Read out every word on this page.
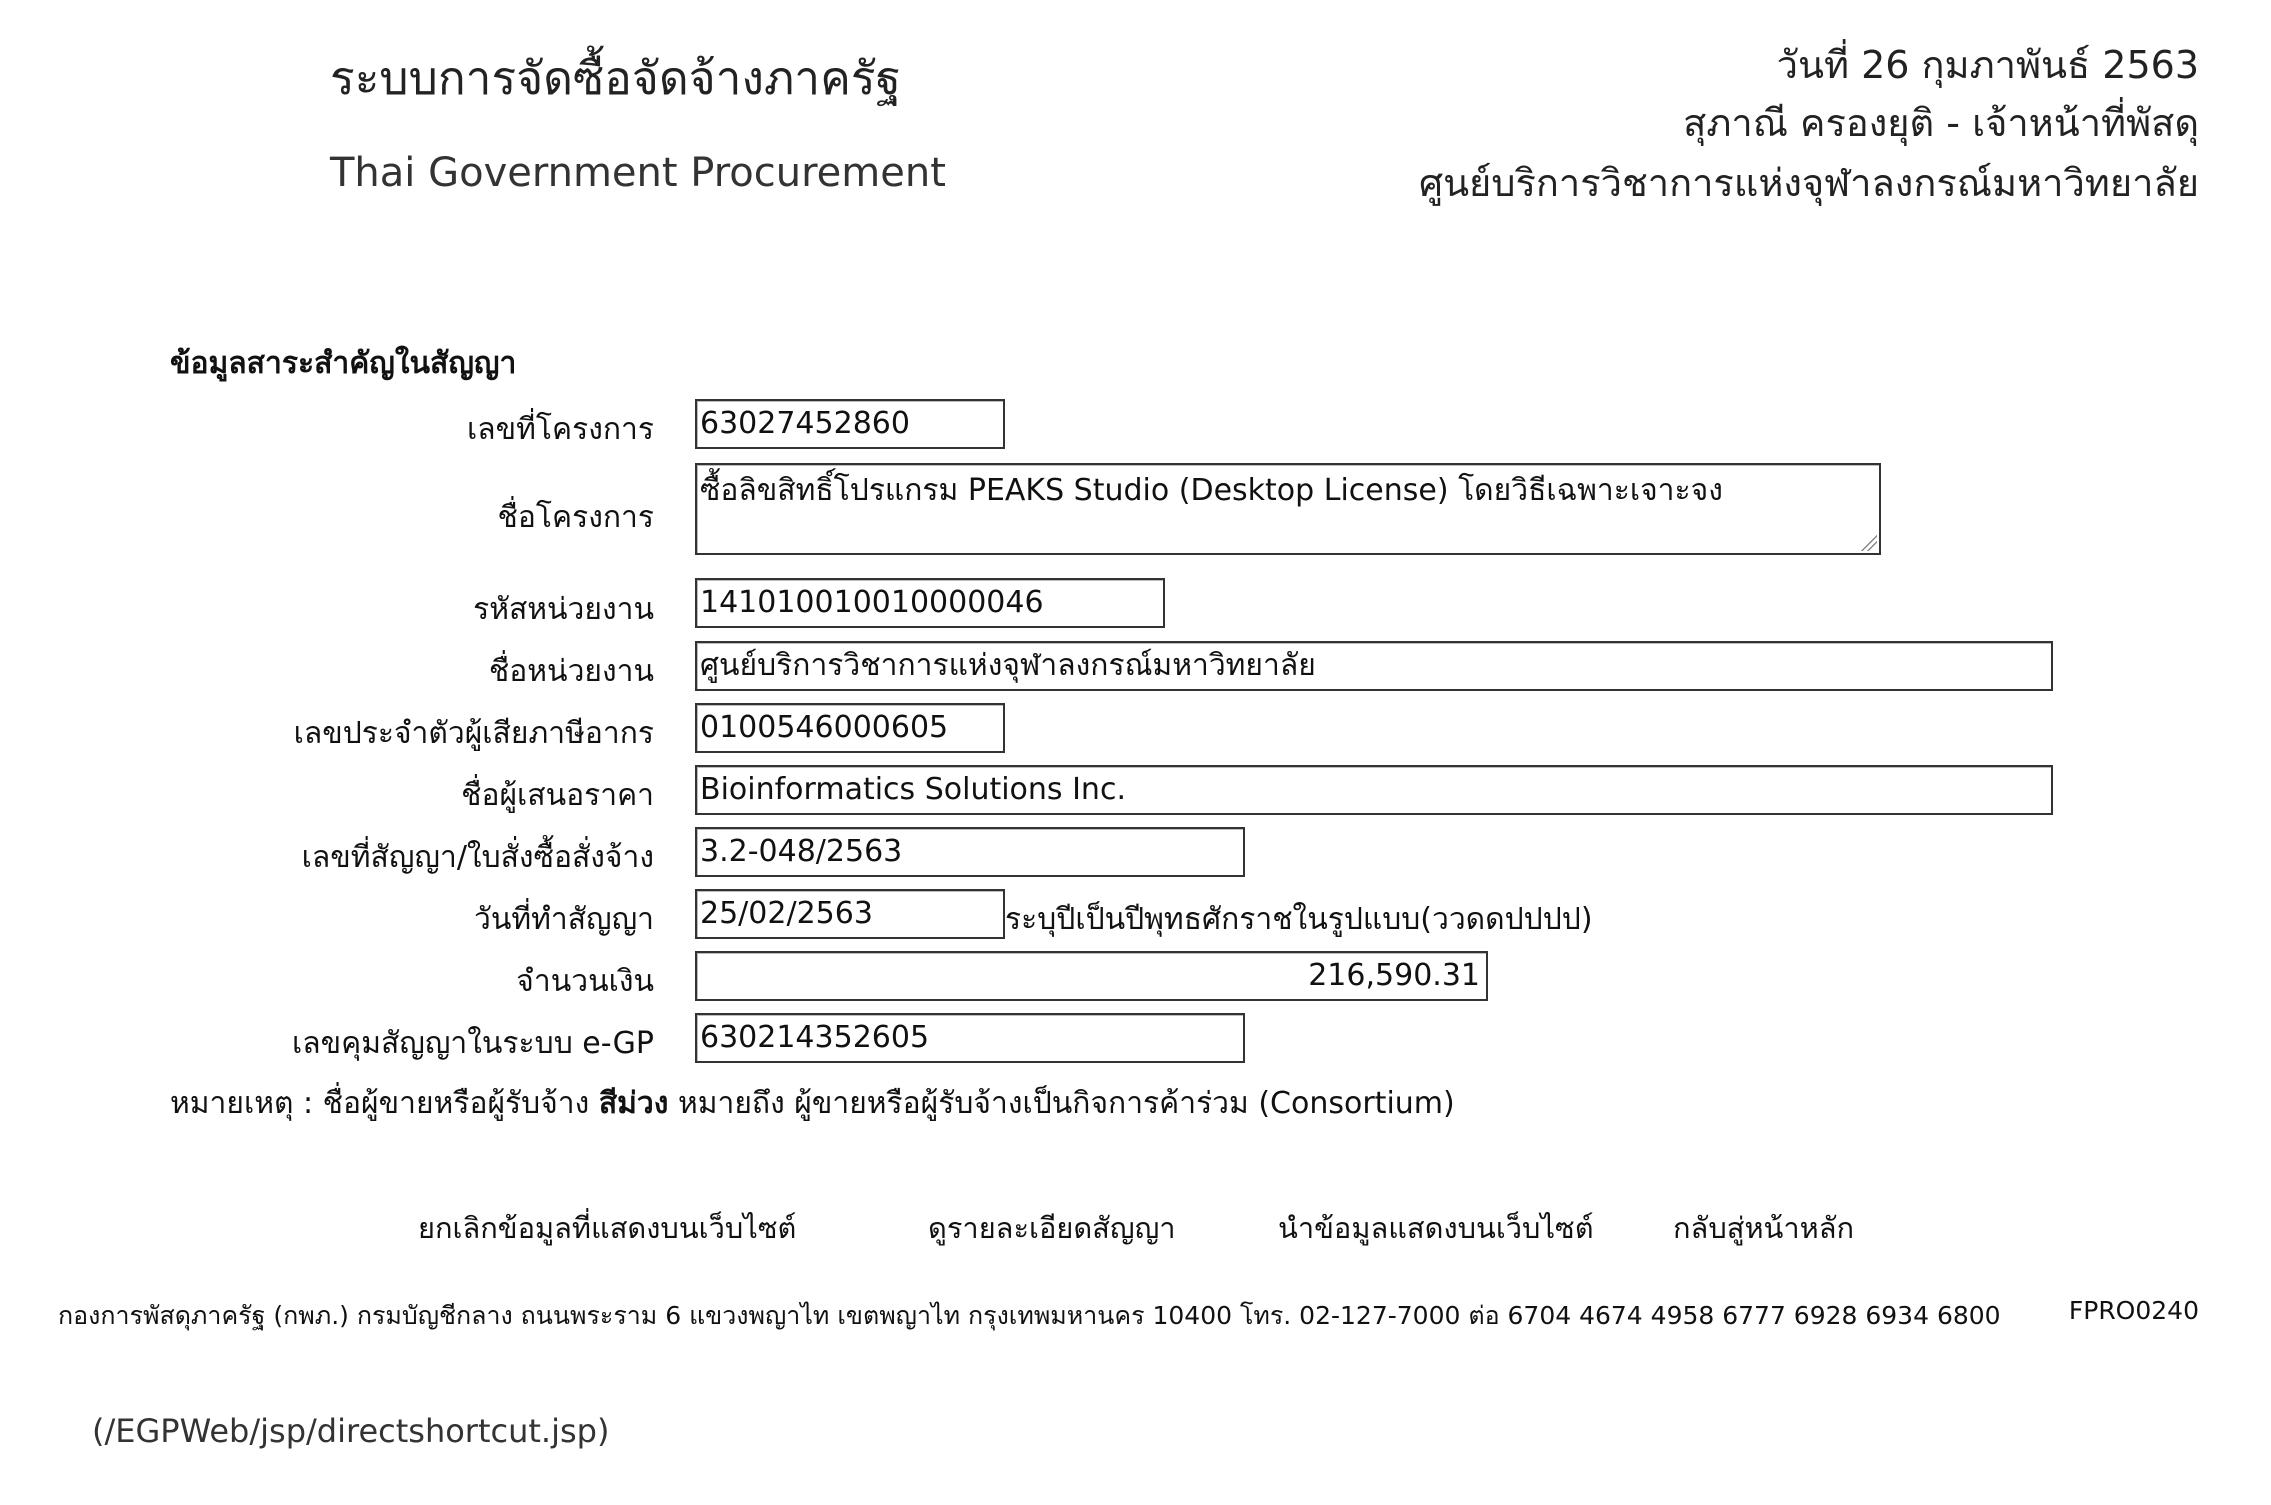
ระบบการจัดซื้อจัดจ้างภาครัฐ
Thai Government Procurement
วันที่ 26 กุมภาพันธ์ 2563
สุภาณี ครองยุติ - เจ้าหน้าที่พัสดุ
ศูนย์บริการวิชาการแห่งจุฬาลงกรณ์มหาวิทยาลัย
ข้อมูลสาระสำคัญในสัญญา
เลขที่โครงการ 63027452860
ชื่อโครงการ
ซื้อลิขสิทธิ์โปรแกรม PEAKS Studio (Desktop License) โดยวิธีเฉพาะเจาะจง
รหัสหน่วยงาน 141010010010000046
ชื่อหน่วยงาน ศูนย์บริการวิชาการแห่งจุฬาลงกรณ์มหาวิทยาลัย
เลขประจำตัวผู้เสียภาษีอากร 0100546000605
ชื่อผู้เสนอราคา Bioinformatics Solutions Inc.
เลขที่สัญญา/ใบสั่งซื้อสั่งจ้าง 3.2-048/2563
วันที่ทำสัญญา 25/02/2563	ระบุปีเป็นปีพุทธศักราชในรูปแบบ(ววดดปปปป)
จำนวนเงิน	216,590.31
เลขคุมสัญญาในระบบ e-GP 630214352605
หมายเหตุ : ชื่อผู้ขายหรือผู้รับจ้าง สีม่วง หมายถึง ผู้ขายหรือผู้รับจ้างเป็นกิจการค้าร่วม (Consortium)
ยกเลิกข้อมูลที่แสดงบนเว็บไซต์	ดูรายละเอียดสัญญา	นำข้อมูลแสดงบนเว็บไซต์	กลับสู่หน้าหลัก
กองการพัสดุภาครัฐ (กพภ.) กรมบัญชีกลาง ถนนพระราม 6 แขวงพญาไท เขตพญาไท กรุงเทพมหานคร 10400 โทร. 02-127-7000 ต่อ 6704 4674 4958 6777 6928 6934 6800	FPRO0240
(/EGPWeb/jsp/directshortcut.jsp)
